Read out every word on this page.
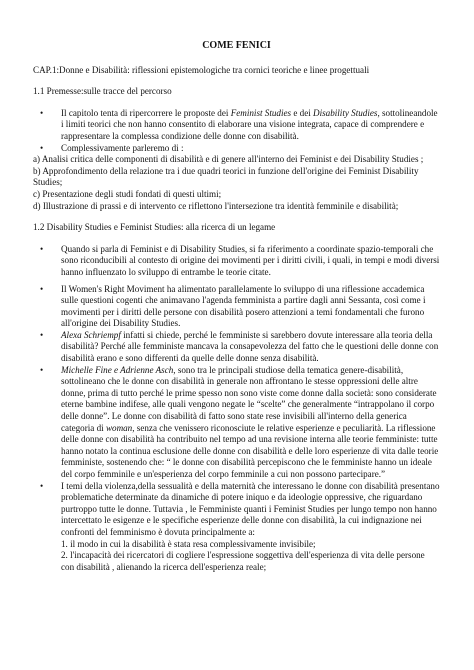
COME FENICI

CAP.1:Donne e Disabilità: riflessioni epistemologiche tra cornici teoriche e linee progettuali

1.1 Premesse:sulle tracce del percorso

• Il capitolo tenta di ripercorrere le proposte dei Feminist Studies e dei Disability Studies, sottolineandole i limiti teorici che non hanno consentito di elaborare una visione integrata, capace di comprendere e rappresentare la complessa condizione delle donne con disabilità.
• Complessivamente parleremo di :

a) Analisi critica delle componenti di disabilità e di genere all'interno dei Feminist e dei Disability Studies ;

b) Approfondimento della relazione tra i due quadri teorici in funzione dell'origine dei Feminist Disability Studies;

c) Presentazione degli studi fondati di questi ultimi;

d) Illustrazione di prassi e di intervento ce riflettono l'intersezione tra identità femminile e disabilità;

1.2 Disability Studies e Feminist Studies: alla ricerca di un legame

• Quando si parla di Feminist e di Disability Studies, si fa riferimento a coordinate spazio-temporali che sono riconducibili al contesto di origine dei movimenti per i diritti civili, i quali, in tempi e modi diversi hanno influenzato lo sviluppo di entrambe le teorie citate.
• Il Women's Right Moviment ha alimentato parallelamente lo sviluppo di una riflessione accademica sulle questioni cogenti che animavano l'agenda femminista a partire dagli anni Sessanta, così come i movimenti per i diritti delle persone con disabilità posero attenzioni a temi fondamentali che furono all'origine dei Disability Studies.
• Alexa Schriempf infatti si chiede, perché le femministe si sarebbero dovute interessare alla teoria della disabilità? Perché alle femministe mancava la consapevolezza del fatto che le questioni delle donne con disabilità erano e sono differenti da quelle delle donne senza disabilità.
• Michelle Fine e Adrienne Asch, sono tra le principali studiose della tematica genere-disabilità, sottolineano che le donne con disabilità in generale non affrontano le stesse oppressioni delle altre donne, prima di tutto perché le prime spesso non sono viste come donne dalla società: sono considerate eterne bambine indifese, alle quali vengono negate le “scelte” che generalmente “intrappolano il corpo delle donne”. Le donne con disabilità di fatto sono state rese invisibili all'interno della generica categoria di woman, senza che venissero riconosciute le relative esperienze e peculiarità. La riflessione delle donne con disabilità ha contribuito nel tempo ad una revisione interna alle teorie femministe: tutte hanno notato la continua esclusione delle donne con disabilità e delle loro esperienze di vita dalle teorie femministe, sostenendo che: “ le donne con disabilità percepiscono che le femministe hanno un ideale del corpo femminile e un'esperienza del corpo femminile a cui non possono partecipare.”
• I temi della violenza,della sessualità e della maternità che interessano le donne con disabilità presentano problematiche determinate da dinamiche di potere iniquo e da ideologie oppressive, che riguardano purtroppo tutte le donne. Tuttavia , le Femministe quanti i Feminist Studies per lungo tempo non hanno intercettato le esigenze e le specifiche esperienze delle donne con disabilità, la cui indignazione nei confronti del femminismo è dovuta principalmente a:
1. il modo in cui la disabilità è stata resa complessivamente invisibile;
2. l'incapacità dei ricercatori di cogliere l'espressione soggettiva dell'esperienza di vita delle persone con disabilità , alienando la ricerca dell'esperienza reale;
